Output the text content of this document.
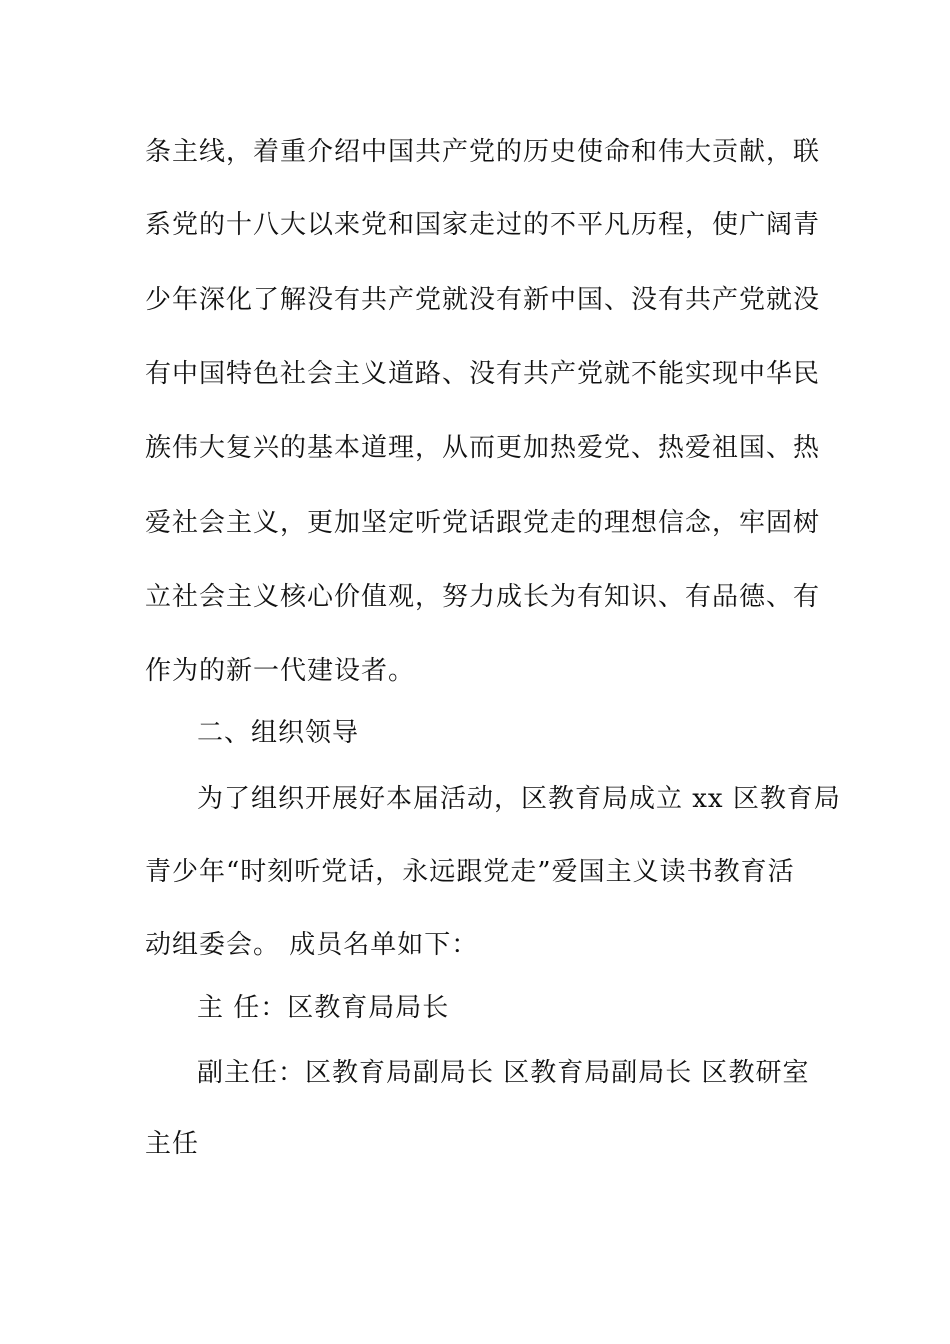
条主线，着重介绍中国共产党的历史使命和伟大贡献，联
系党的十八大以来党和国家走过的不平凡历程，使广阔青
少年深化了解没有共产党就没有新中国、没有共产党就没
有中国特色社会主义道路、没有共产党就不能实现中华民
族伟大复兴的基本道理，从而更加热爱党、热爱祖国、热
爱社会主义，更加坚定听党话跟党走的理想信念，牢固树
立社会主义核心价值观，努力成长为有知识、有品德、有
作为的新一代建设者。
二、组织领导
为了组织开展好本届活动，区教育局成立 xx 区教育局
青少年“时刻听党话，永远跟党走”爱国主义读书教育活
动组委会。 成员名单如下：
主 任：区教育局局长
副主任：区教育局副局长 区教育局副局长 区教研室
主任
